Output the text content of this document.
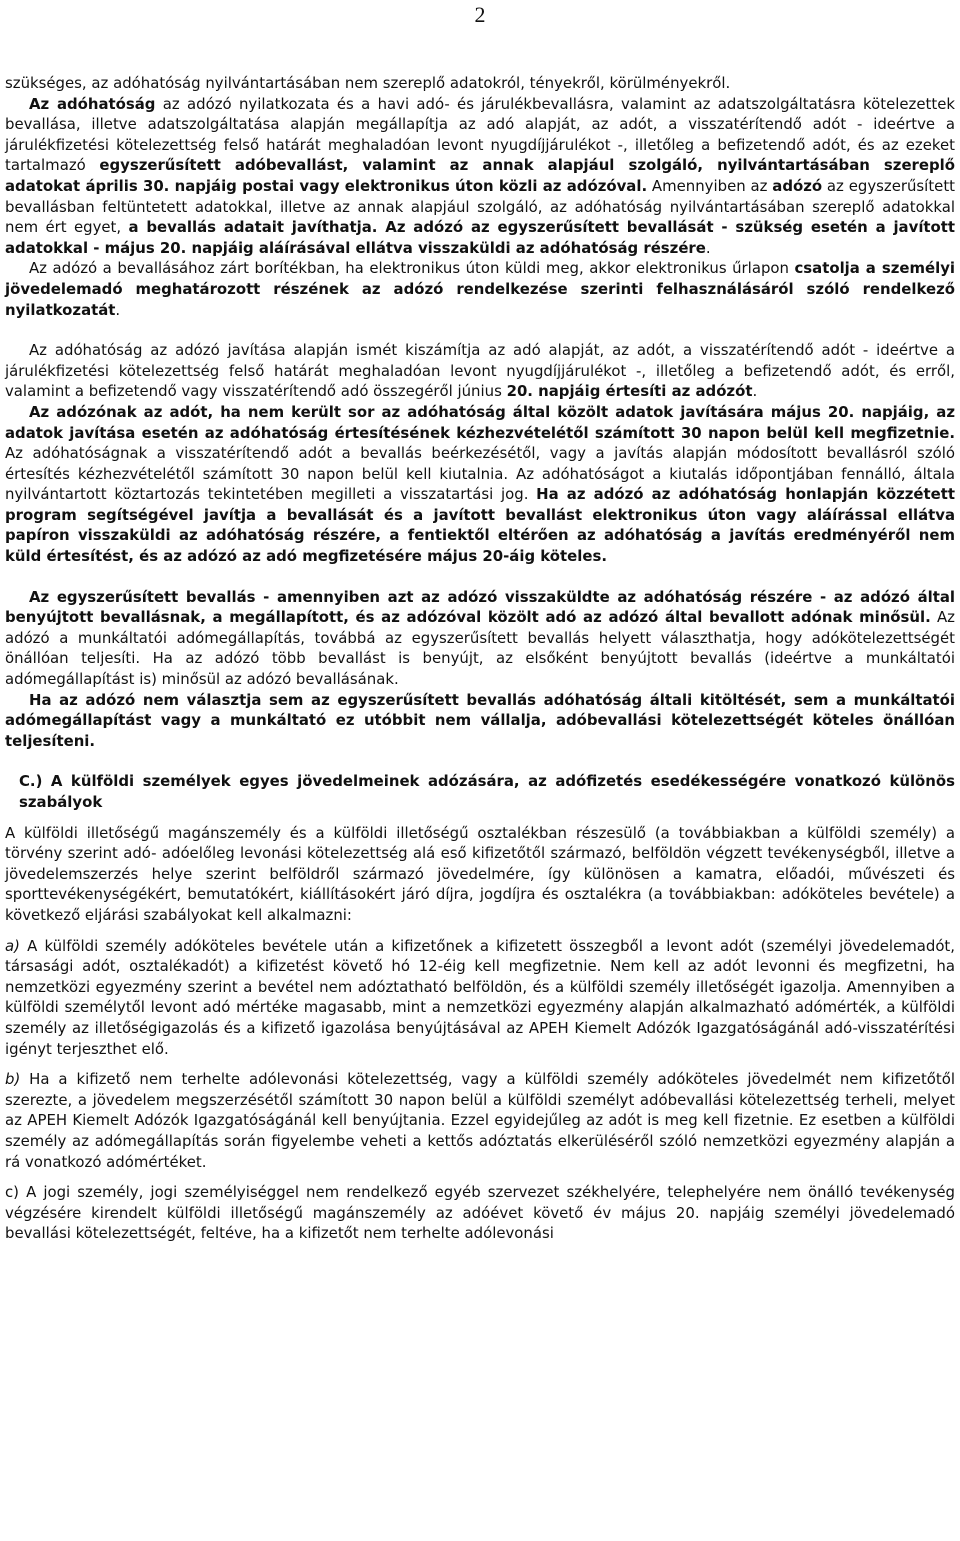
2

szükséges, az adóhatóság nyilvántartásában nem szereplő adatokról, tényekről, körülményekről.

Az adóhatóság az adózó nyilatkozata és a havi adó- és járulékbevallásra, valamint az adatszolgáltatásra kötelezettek bevallása, illetve adatszolgáltatása alapján megállapítja az adó alapját, az adót, a visszatérítendő adót - ideértve a járulékfizetési kötelezettség felső határát meghaladóan levont nyugdíjjárulékot -, illetőleg a befizetendő adót, és az ezeket tartalmazó egyszerűsített adóbevallást, valamint az annak alapjául szolgáló, nyilvántartásában szereplő adatokat április 30. napjáig postai vagy elektronikus úton közli az adózóval. Amennyiben az adózó az egyszerűsített bevallásban feltüntetett adatokkal, illetve az annak alapjául szolgáló, az adóhatóság nyilvántartásában szereplő adatokkal nem ért egyet, a bevallás adatait javíthatja. Az adózó az egyszerűsített bevallását - szükség esetén a javított adatokkal - május 20. napjáig aláírásával ellátva visszaküldi az adóhatóság részére.

Az adózó a bevallásához zárt borítékban, ha elektronikus úton küldi meg, akkor elektronikus űrlapon csatolja a személyi jövedelemadó meghatározott részének az adózó rendelkezése szerinti felhasználásáról szóló rendelkező nyilatkozatát.

Az adóhatóság az adózó javítása alapján ismét kiszámítja az adó alapját, az adót, a visszatérítendő adót - ideértve a járulékfizetési kötelezettség felső határát meghaladóan levont nyugdíjjárulékot -, illetőleg a befizetendő adót, és erről, valamint a befizetendő vagy visszatérítendő adó összegéről június 20. napjáig értesíti az adózót.

Az adózónak az adót, ha nem került sor az adóhatóság által közölt adatok javítására május 20. napjáig, az adatok javítása esetén az adóhatóság értesítésének kézhezvételétől számított 30 napon belül kell megfizetnie. Az adóhatóságnak a visszatérítendő adót a bevallás beérkezésétől, vagy a javítás alapján módosított bevallásról szóló értesítés kézhezvételétől számított 30 napon belül kell kiutalnia. Az adóhatóságot a kiutalás időpontjában fennálló, általa nyilvántartott köztartozás tekintetében megilleti a visszatartási jog. Ha az adózó az adóhatóság honlapján közzétett program segítségével javítja a bevallását és a javított bevallást elektronikus úton vagy aláírással ellátva papíron visszaküldi az adóhatóság részére, a fentiektől eltérően az adóhatóság a javítás eredményéről nem küld értesítést, és az adózó az adó megfizetésére május 20-áig köteles.

Az egyszerűsített bevallás - amennyiben azt az adózó visszaküldte az adóhatóság részére - az adózó által benyújtott bevallásnak, a megállapított, és az adózóval közölt adó az adózó által bevallott adónak minősül. Az adózó a munkáltatói adómegállapítás, továbbá az egyszerűsített bevallás helyett választhatja, hogy adókötelezettségét önállóan teljesíti. Ha az adózó több bevallást is benyújt, az elsőként benyújtott bevallás (ideértve a munkáltatói adómegállapítást is) minősül az adózó bevallásának.

Ha az adózó nem választja sem az egyszerűsített bevallás adóhatóság általi kitöltését, sem a munkáltatói adómegállapítást vagy a munkáltató ez utóbbit nem vállalja, adóbevallási kötelezettségét köteles önállóan teljesíteni.

C.) A külföldi személyek egyes jövedelmeinek adózására, az adófizetés esedékességére vonatkozó különös szabályok

A külföldi illetőségű magánszemély és a külföldi illetőségű osztalékban részesülő (a továbbiakban a külföldi személy) a törvény szerint adó- adóelőleg levonási kötelezettség alá eső kifizetőtől származó, belföldön végzett tevékenységből, illetve a jövedelemszerzés helye szerint belföldről származó jövedelmére, így különösen a kamatra, előadói, művészeti és sporttevékenységékért, bemutatókért, kiállításokért járó díjra, jogdíjra és osztalékra (a továbbiakban: adóköteles bevétele) a következő eljárási szabályokat kell alkalmazni:

a) A külföldi személy adóköteles bevétele után a kifizetőnek a kifizetett összegből a levont adót (személyi jövedelemadót, társasági adót, osztalékadót) a kifizetést követő hó 12-éig kell megfizetnie. Nem kell az adót levonni és megfizetni, ha nemzetközi egyezmény szerint a bevétel nem adóztatható belföldön, és a külföldi személy illetőségét igazolja. Amennyiben a külföldi személytől levont adó mértéke magasabb, mint a nemzetközi egyezmény alapján alkalmazható adómérték, a külföldi személy az illetőségigazolás és a kifizető igazolása benyújtásával az APEH Kiemelt Adózók Igazgatóságánál adó-visszatérítési igényt terjeszthet elő.

b) Ha a kifizető nem terhelte adólevonási kötelezettség, vagy a külföldi személy adóköteles jövedelmét nem kifizetőtől szerezte, a jövedelem megszerzésétől számított 30 napon belül a külföldi személyt adóbevallási kötelezettség terheli, melyet az APEH Kiemelt Adózók Igazgatóságánál kell benyújtania. Ezzel egyidejűleg az adót is meg kell fizetnie. Ez esetben a külföldi személy az adómegállapítás során figyelembe veheti a kettős adóztatás elkerüléséről szóló nemzetközi egyezmény alapján a rá vonatkozó adómértéket.

c) A jogi személy, jogi személyiséggel nem rendelkező egyéb szervezet székhelyére, telephelyére nem önálló tevékenység végzésére kirendelt külföldi illetőségű magánszemély az adóévet követő év május 20. napjáig személyi jövedelemadó bevallási kötelezettségét, feltéve, ha a kifizetőt nem terhelte adólevonási
